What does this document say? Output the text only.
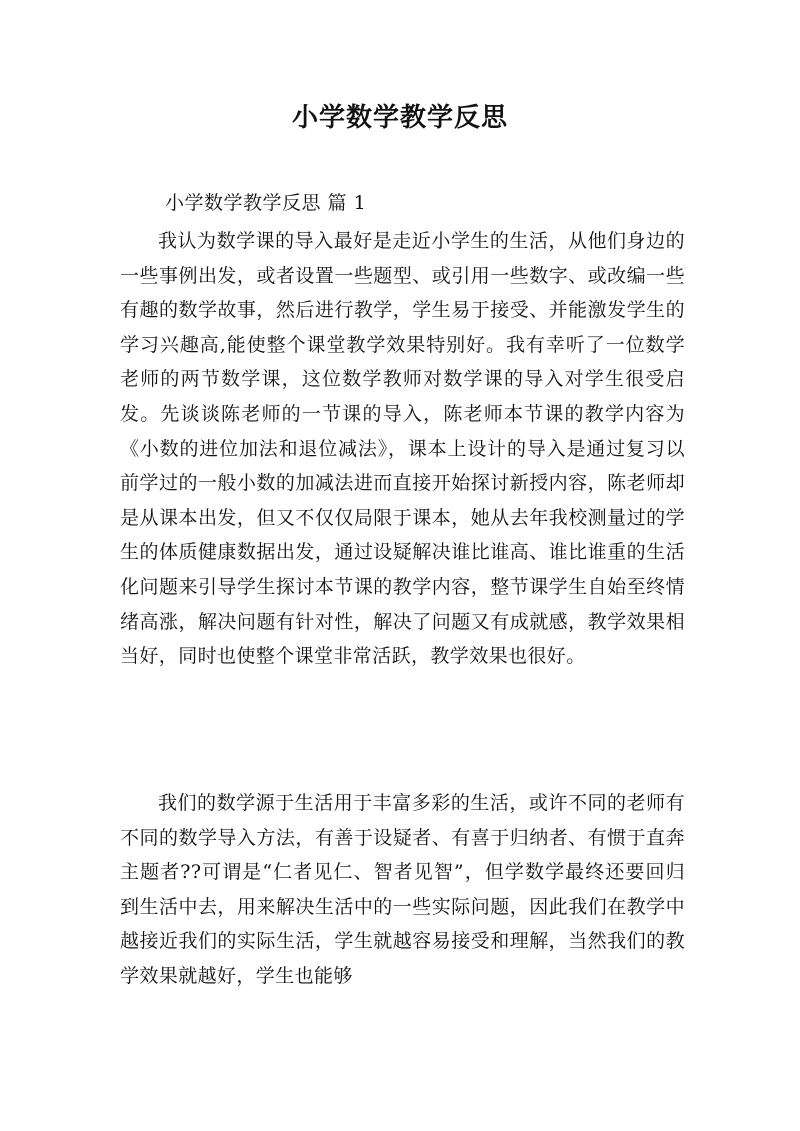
小学数学教学反思
小学数学教学反思 篇 1

我认为数学课的导入最好是走近小学生的生活，从他们身边的一些事例出发，或者设置一些题型、或引用一些数字、或改编一些有趣的数学故事，然后进行教学，学生易于接受、并能激发学生的学习兴趣高,能使整个课堂教学效果特别好。我有幸听了一位数学老师的两节数学课，这位数学教师对数学课的导入对学生很受启发。先谈谈陈老师的一节课的导入，陈老师本节课的教学内容为《小数的进位加法和退位减法》，课本上设计的导入是通过复习以前学过的一般小数的加减法进而直接开始探讨新授内容，陈老师却是从课本出发，但又不仅仅局限于课本，她从去年我校测量过的学生的体质健康数据出发，通过设疑解决谁比谁高、谁比谁重的生活化问题来引导学生探讨本节课的教学内容，整节课学生自始至终情绪高涨，解决问题有针对性，解决了问题又有成就感，教学效果相当好，同时也使整个课堂非常活跃，教学效果也很好。

我们的数学源于生活用于丰富多彩的生活，或许不同的老师有不同的数学导入方法，有善于设疑者、有喜于归纳者、有惯于直奔主题者??可谓是“仁者见仁、智者见智”，但学数学最终还要回归到生活中去，用来解决生活中的一些实际问题，因此我们在教学中越接近我们的实际生活，学生就越容易接受和理解，当然我们的教学效果就越好，学生也能够
